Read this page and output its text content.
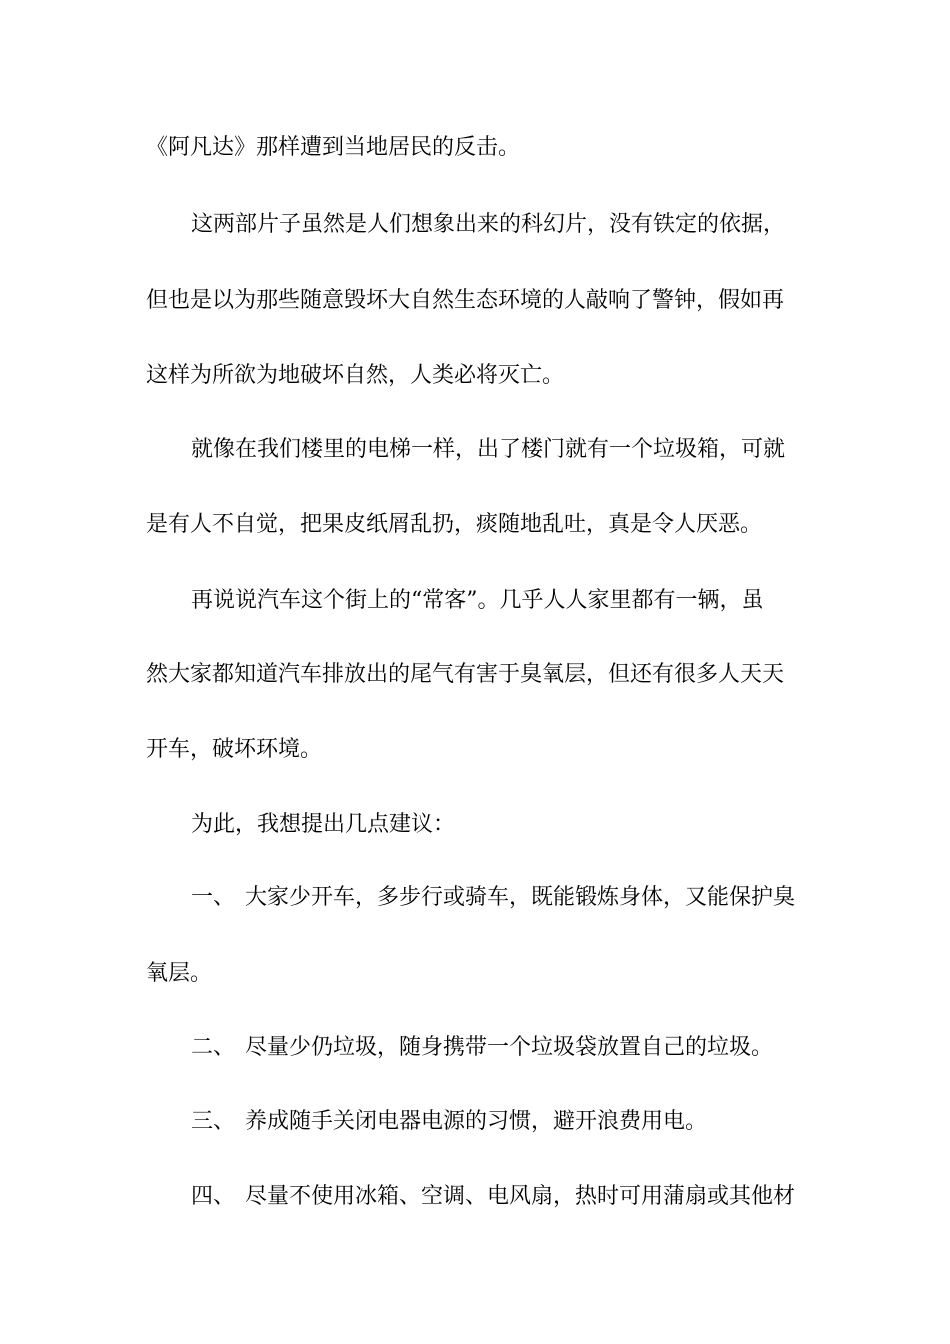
《阿凡达》那样遭到当地居民的反击。
这两部片子虽然是人们想象出来的科幻片，没有铁定的依据，
但也是以为那些随意毁坏大自然生态环境的人敲响了警钟，假如再
这样为所欲为地破坏自然，人类必将灭亡。
就像在我们楼里的电梯一样，出了楼门就有一个垃圾箱，可就
是有人不自觉，把果皮纸屑乱扔，痰随地乱吐，真是令人厌恶。
再说说汽车这个街上的“常客”。几乎人人家里都有一辆，虽
然大家都知道汽车排放出的尾气有害于臭氧层，但还有很多人天天
开车，破坏环境。
为此，我想提出几点建议：
一、 大家少开车，多步行或骑车，既能锻炼身体，又能保护臭
氧层。
二、 尽量少仍垃圾，随身携带一个垃圾袋放置自己的垃圾。
三、 养成随手关闭电器电源的习惯，避开浪费用电。
四、 尽量不使用冰箱、空调、电风扇，热时可用蒲扇或其他材
